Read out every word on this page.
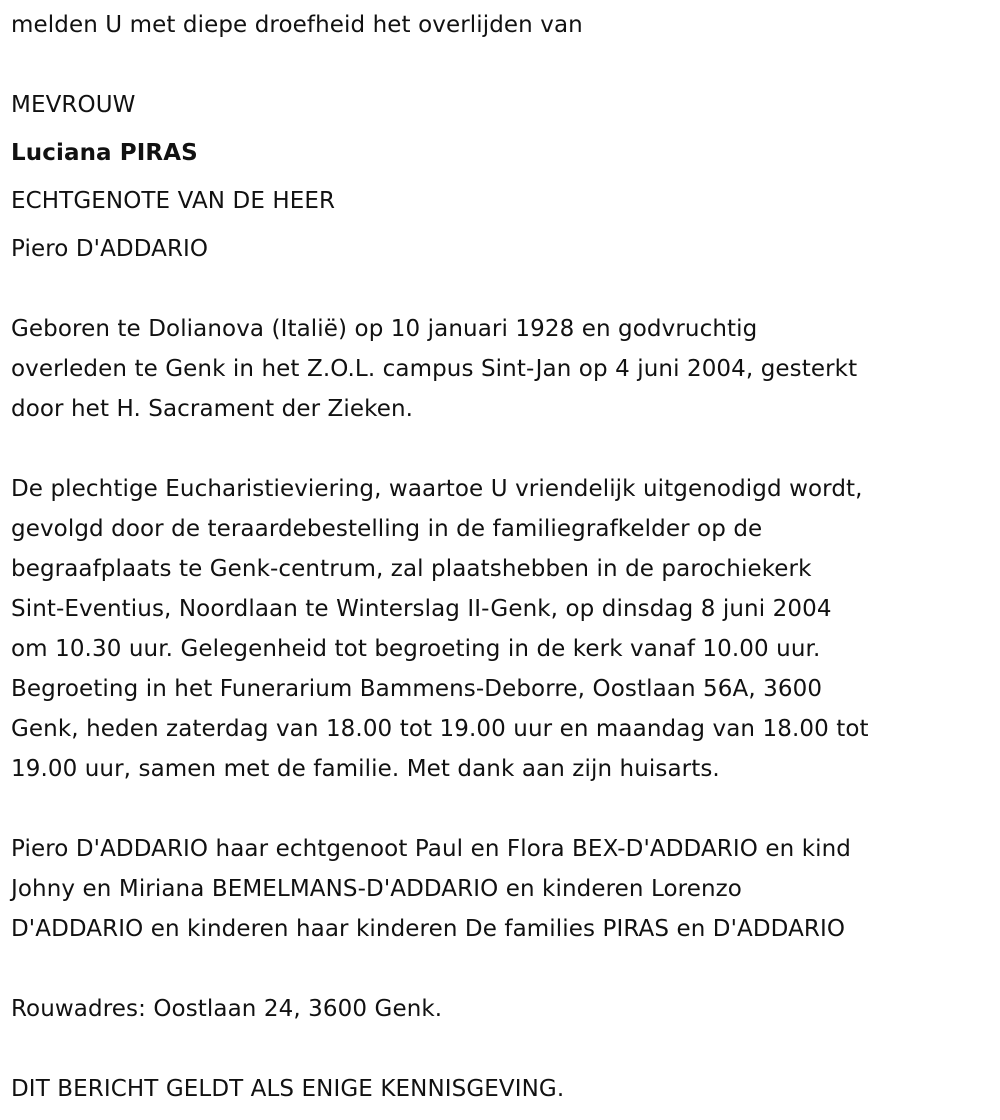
melden U met diepe droefheid het overlijden van
MEVROUW
Luciana PIRAS
ECHTGENOTE VAN DE HEER
Piero D'ADDARIO
Geboren te Dolianova (Italië) op 10 januari 1928 en godvruchtig
overleden te Genk in het Z.O.L. campus Sint-Jan op 4 juni 2004, gesterkt
door het H. Sacrament der Zieken.
De plechtige Eucharistieviering, waartoe U vriendelijk uitgenodigd wordt,
gevolgd door de teraardebestelling in de familiegrafkelder op de
begraafplaats te Genk-centrum, zal plaatshebben in de parochiekerk
Sint-Eventius, Noordlaan te Winterslag II-Genk, op dinsdag 8 juni 2004
om 10.30 uur. Gelegenheid tot begroeting in de kerk vanaf 10.00 uur.
Begroeting in het Funerarium Bammens-Deborre, Oostlaan 56A, 3600
Genk, heden zaterdag van 18.00 tot 19.00 uur en maandag van 18.00 tot
19.00 uur, samen met de familie. Met dank aan zijn huisarts.
Piero D'ADDARIO haar echtgenoot Paul en Flora BEX-D'ADDARIO en kind
Johny en Miriana BEMELMANS-D'ADDARIO en kinderen Lorenzo
D'ADDARIO en kinderen haar kinderen De families PIRAS en D'ADDARIO
Rouwadres: Oostlaan 24, 3600 Genk.
DIT BERICHT GELDT ALS ENIGE KENNISGEVING.
